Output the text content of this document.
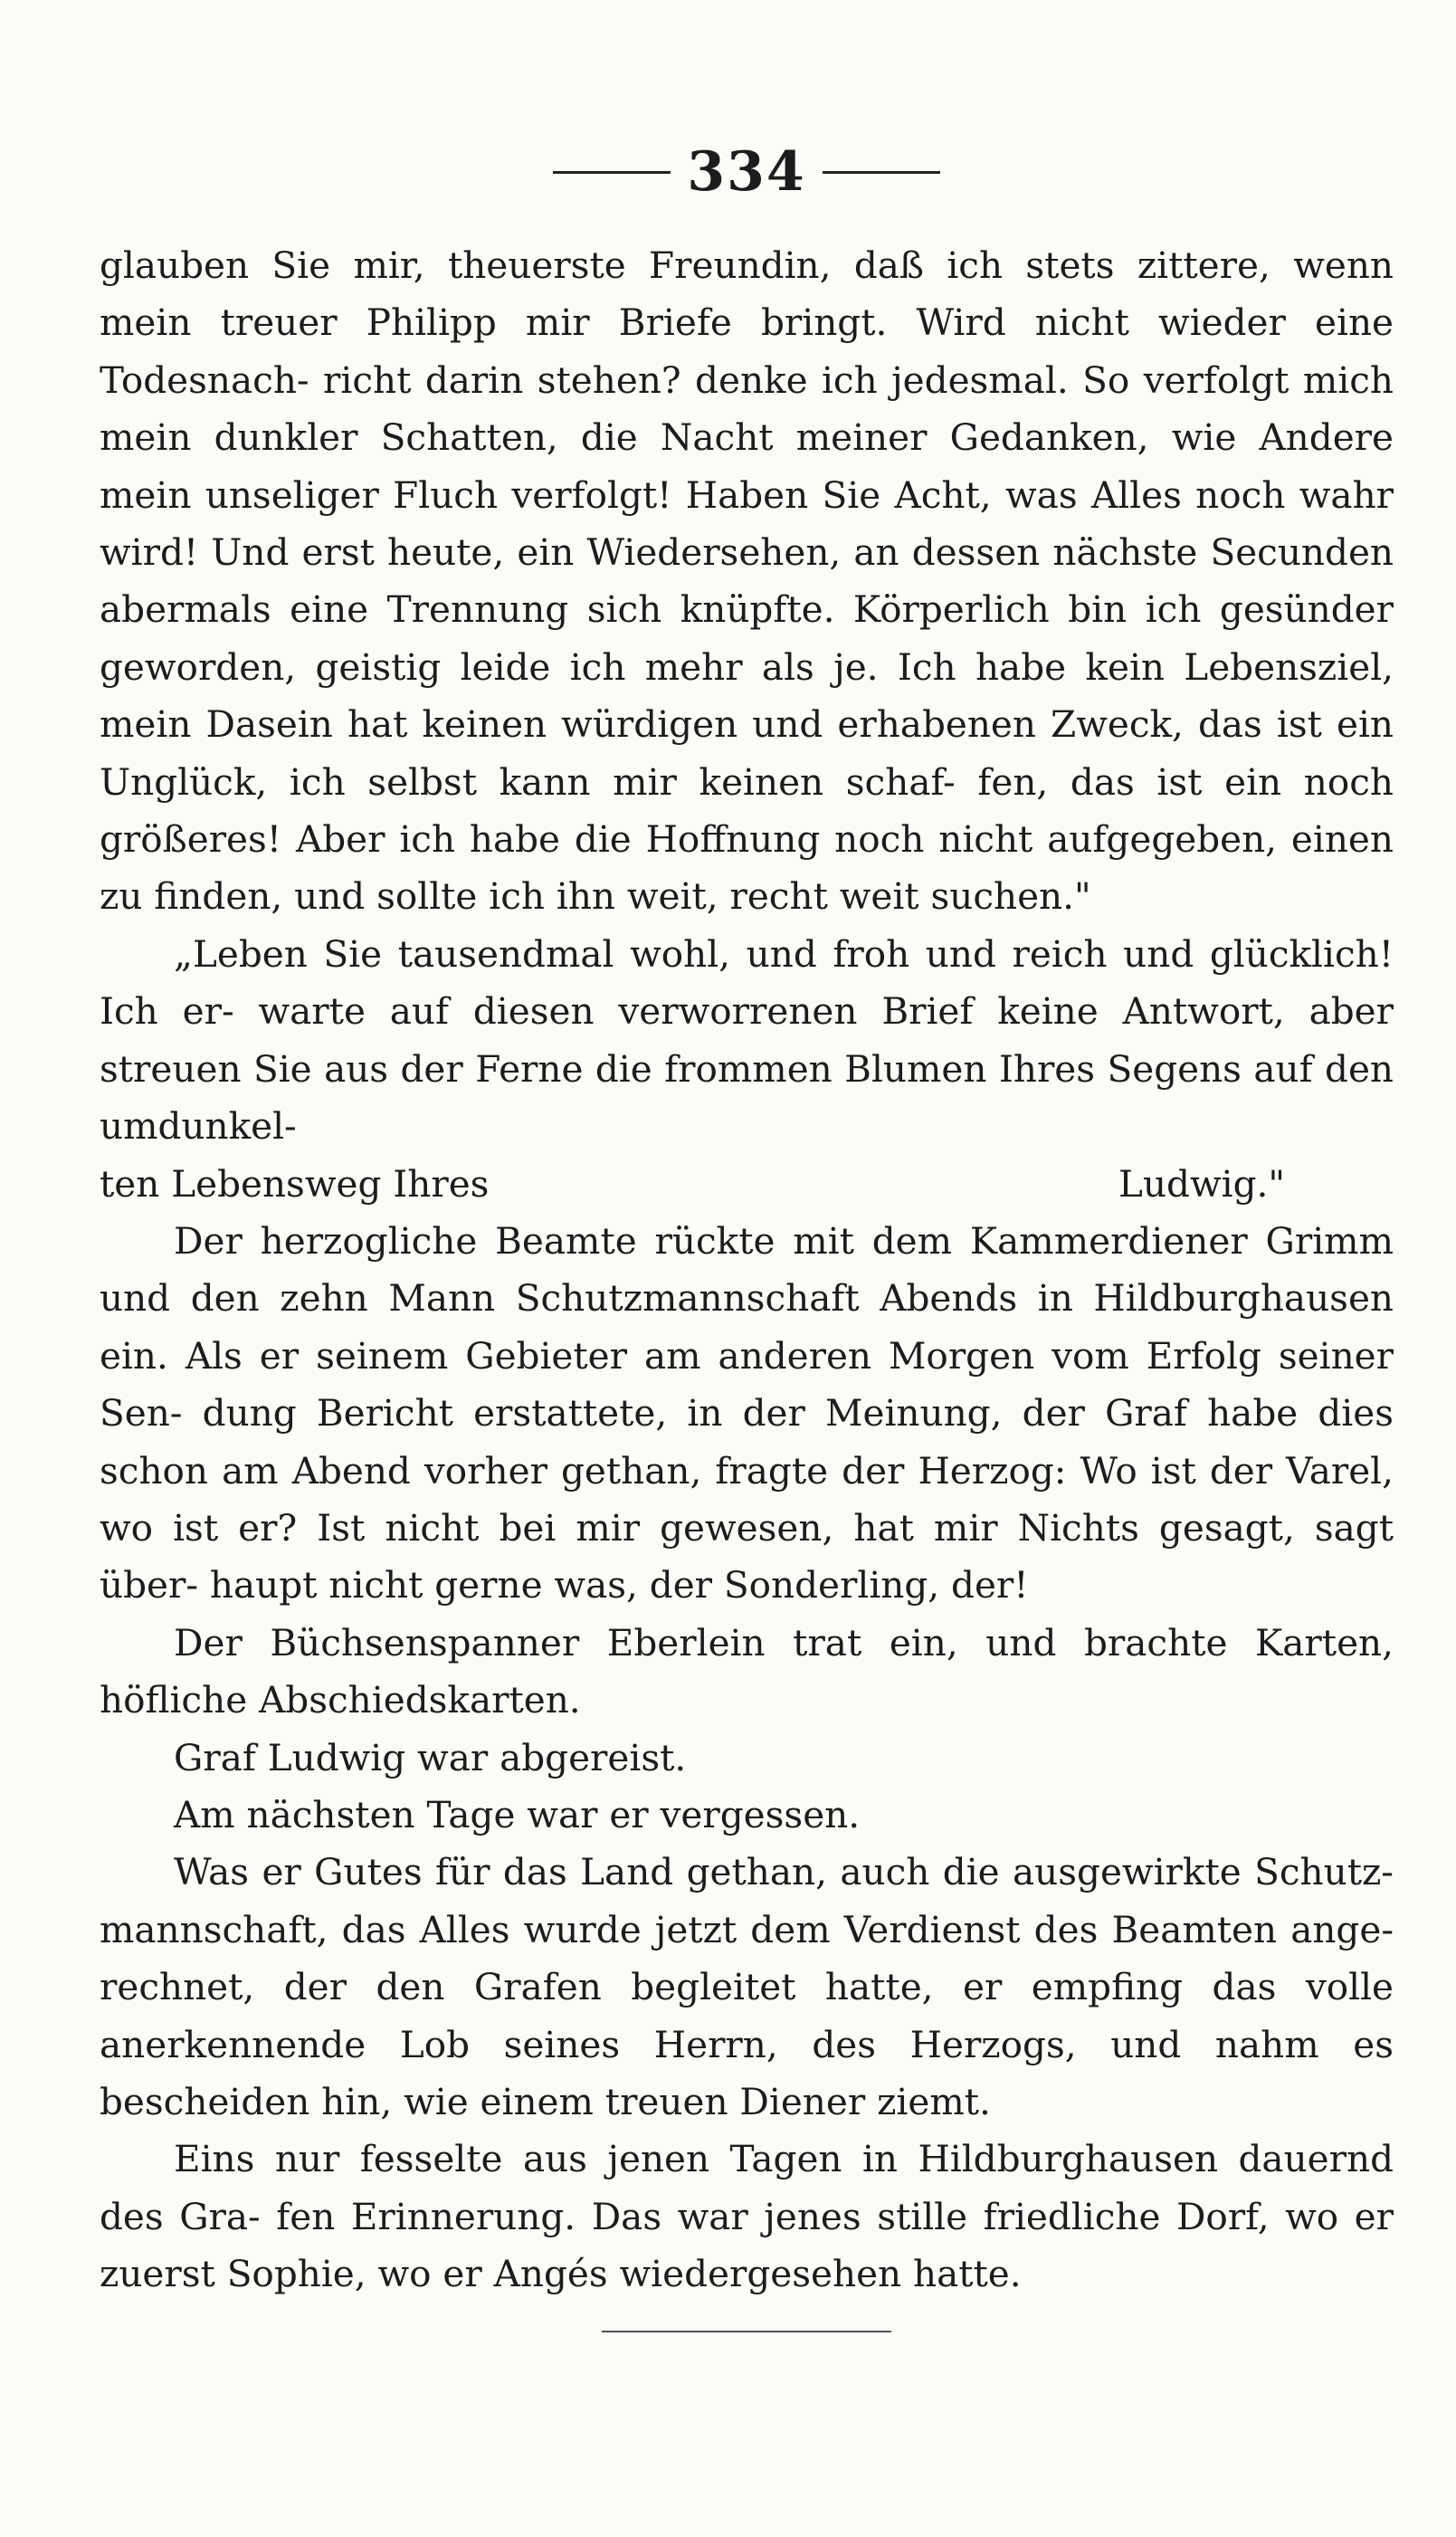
334

glauben Sie mir, theuerste Freundin, daß ich stets zittere, wenn mein treuer Philipp mir Briefe bringt. Wird nicht wieder eine Todesnach- richt darin stehen? denke ich jedesmal. So verfolgt mich mein dunkler Schatten, die Nacht meiner Gedanken, wie Andere mein unseliger Fluch verfolgt! Haben Sie Acht, was Alles noch wahr wird! Und erst heute, ein Wiedersehen, an dessen nächste Secunden abermals eine Trennung sich knüpfte. Körperlich bin ich gesünder geworden, geistig leide ich mehr als je. Ich habe kein Lebensziel, mein Dasein hat keinen würdigen und erhabenen Zweck, das ist ein Unglück, ich selbst kann mir keinen schaf- fen, das ist ein noch größeres! Aber ich habe die Hoffnung noch nicht aufgegeben, einen zu finden, und sollte ich ihn weit, recht weit suchen."

„Leben Sie tausendmal wohl, und froh und reich und glücklich! Ich er- warte auf diesen verworrenen Brief keine Antwort, aber streuen Sie aus der Ferne die frommen Blumen Ihres Segens auf den umdunkel-

ten Lebensweg Ihres	Ludwig."

Der herzogliche Beamte rückte mit dem Kammerdiener Grimm und den zehn Mann Schutzmannschaft Abends in Hildburghausen ein. Als er seinem Gebieter am anderen Morgen vom Erfolg seiner Sen- dung Bericht erstattete, in der Meinung, der Graf habe dies schon am Abend vorher gethan, fragte der Herzog: Wo ist der Varel, wo ist er? Ist nicht bei mir gewesen, hat mir Nichts gesagt, sagt über- haupt nicht gerne was, der Sonderling, der!

Der Büchsenspanner Eberlein trat ein, und brachte Karten, höfliche Abschiedskarten.

Graf Ludwig war abgereist.

Am nächsten Tage war er vergessen.

Was er Gutes für das Land gethan, auch die ausgewirkte Schutz- mannschaft, das Alles wurde jetzt dem Verdienst des Beamten ange- rechnet, der den Grafen begleitet hatte, er empfing das volle anerkennende Lob seines Herrn, des Herzogs, und nahm es bescheiden hin, wie einem treuen Diener ziemt.

Eins nur fesselte aus jenen Tagen in Hildburghausen dauernd des Gra- fen Erinnerung. Das war jenes stille friedliche Dorf, wo er zuerst Sophie, wo er Angés wiedergesehen hatte.
